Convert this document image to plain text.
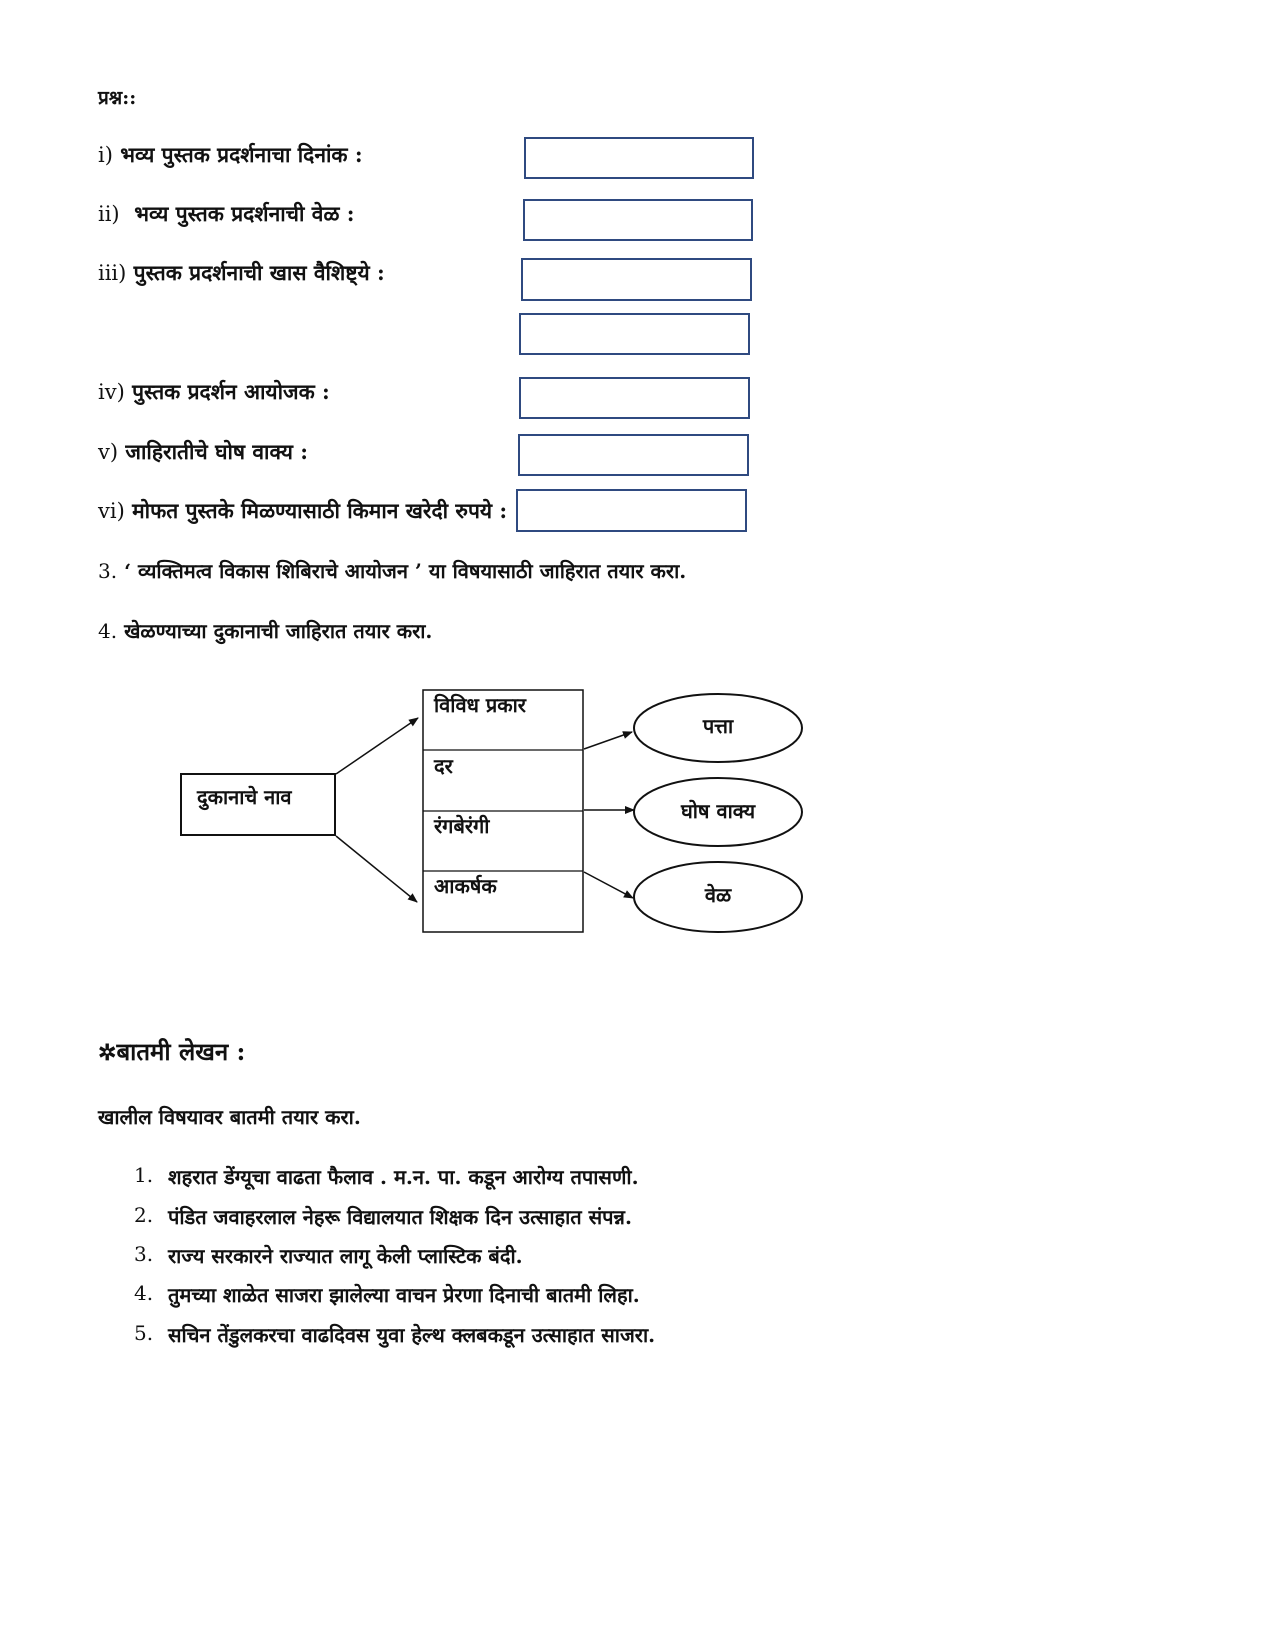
प्रश्न::
i) भव्य पुस्तक प्रदर्शनाचा दिनांक :
ii) भव्य पुस्तक प्रदर्शनाची वेळ :
iii) पुस्तक प्रदर्शनाची खास वैशिष्ट्ये :
iv) पुस्तक प्रदर्शन आयोजक :
v) जाहिरातीचे घोष वाक्य :
vi) मोफत पुस्तके मिळण्यासाठी किमान खरेदी रुपये :
3. ‘ व्यक्तिमत्व विकास शिबिराचे आयोजन ’ या विषयासाठी जाहिरात तयार करा.
4. खेळण्याच्या दुकानाची जाहिरात तयार करा.
दुकानाचे नाव
विविध प्रकार
दर
रंगबेरंगी
आकर्षक
पत्ता
घोष वाक्य
वेळ
✲बातमी लेखन :
खालील विषयावर बातमी तयार करा.
1. शहरात डेंग्यूचा वाढता फैलाव . म.न. पा. कडून आरोग्य तपासणी.
2. पंडित जवाहरलाल नेहरू विद्यालयात शिक्षक दिन उत्साहात संपन्न.
3. राज्य सरकारने राज्यात लागू केली प्लास्टिक बंदी.
4. तुमच्या शाळेत साजरा झालेल्या वाचन प्रेरणा दिनाची बातमी लिहा.
5. सचिन तेंडुलकरचा वाढदिवस युवा हेल्थ क्लबकडून उत्साहात साजरा.
